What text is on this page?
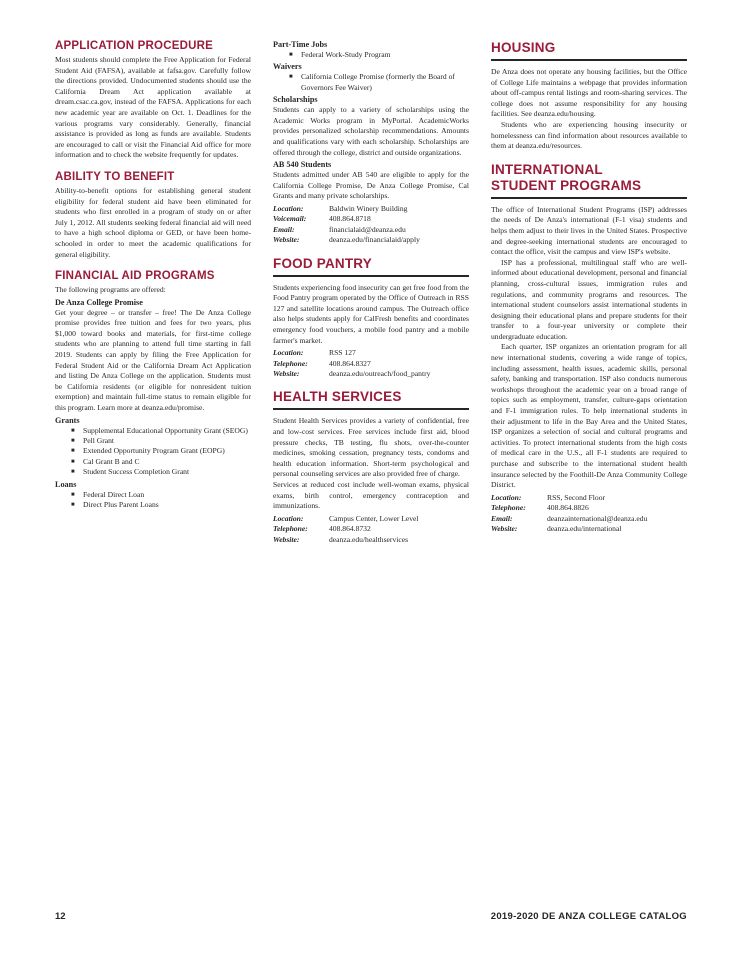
APPLICATION PROCEDURE

Most students should complete the Free Application for Federal Student Aid (FAFSA), available at fafsa.gov. Carefully follow the directions provided. Undocumented students should use the California Dream Act application available at dream.csac.ca.gov, instead of the FAFSA. Applications for each new academic year are available on Oct. 1. Deadlines for the various programs vary considerably. Generally, financial assistance is provided as long as funds are available. Students are encouraged to call or visit the Financial Aid office for more information and to check the website frequently for updates.

ABILITY TO BENEFIT

Ability-to-benefit options for establishing general student eligibility for federal student aid have been eliminated for students who first enrolled in a program of study on or after July 1, 2012. All students seeking federal financial aid will need to have a high school diploma or GED, or have been home-schooled in order to meet the academic qualifications for general eligibility.

FINANCIAL AID PROGRAMS

The following programs are offered:

De Anza College Promise

Get your degree – or transfer – free! The De Anza College promise provides free tuition and fees for two years, plus $1,000 toward books and materials, for first-time college students who are planning to attend full time starting in fall 2019. Students can apply by filing the Free Application for Federal Student Aid or the California Dream Act Application and listing De Anza College on the application. Students must be California residents (or eligible for nonresident tuition exemption) and maintain full-time status to remain eligible for this program. Learn more at deanza.edu/promise.

Grants
■ Supplemental Educational Opportunity Grant (SEOG)
■ Pell Grant
■ Extended Opportunity Program Grant (EOPG)
■ Cal Grant B and C
■ Student Success Completion Grant
Loans
■ Federal Direct Loan
■ Direct Plus Parent Loans
Part-Time Jobs
■ Federal Work-Study Program
Waivers
■ California College Promise (formerly the Board of Governors Fee Waiver)
Scholarships

Students can apply to a variety of scholarships using the Academic Works program in MyPortal. AcademicWorks provides personalized scholarship recommendations. Amounts and qualifications vary with each scholarship. Scholarships are offered through the college, district and outside organizations.

AB 540 Students

Students admitted under AB 540 are eligible to apply for the California College Promise, De Anza College Promise, Cal Grants and many private scholarships.

Location:	Baldwin Winery Building
Voicemail:	408.864.8718
Email:	financialaid@deanza.edu
Website:	deanza.edu/financialaid/apply
FOOD PANTRY

Students experiencing food insecurity can get free food from the Food Pantry program operated by the Office of Outreach in RSS 127 and satellite locations around campus. The Outreach office also helps students apply for CalFresh benefits and coordinates emergency food vouchers, a mobile food pantry and a mobile farmer's market.

Location:	RSS 127
Telephone:	408.864.8327
Website:	deanza.edu/outreach/food_pantry
HEALTH SERVICES

Student Health Services provides a variety of confidential, free and low-cost services. Free services include first aid, blood pressure checks, TB testing, flu shots, over-the-counter medicines, smoking cessation, pregnancy tests, condoms and health education information. Short-term psychological and personal counseling services are also provided free of charge.

Services at reduced cost include well-woman exams, physical exams, birth control, emergency contraception and immunizations.

Location:	Campus Center, Lower Level
Telephone:	408.864.8732
Website:	deanza.edu/healthservices
HOUSING

De Anza does not operate any housing facilities, but the Office of College Life maintains a webpage that provides information about off-campus rental listings and room-sharing services. The college does not assume responsibility for any housing facilities. See deanza.edu/housing.

Students who are experiencing housing insecurity or homelessness can find information about resources available to them at deanza.edu/resources.

INTERNATIONAL
STUDENT PROGRAMS

The office of International Student Programs (ISP) addresses the needs of De Anza's international (F-1 visa) students and helps them adjust to their lives in the United States. Prospective and degree-seeking international students are encouraged to contact the office, visit the campus and view ISP's website.

ISP has a professional, multilingual staff who are well-informed about educational development, personal and financial planning, cross-cultural issues, immigration rules and regulations, and community programs and resources. The international student counselors assist international students in designing their educational plans and prepare students for their transfer to a four-year university or complete their undergraduate education.

Each quarter, ISP organizes an orientation program for all new international students, covering a wide range of topics, including assessment, health issues, academic skills, personal safety, banking and transportation. ISP also conducts numerous workshops throughout the academic year on a broad range of topics such as employment, transfer, culture-gaps orientation and F-1 immigration rules. To help international students in their adjustment to life in the Bay Area and the United States, ISP organizes a selection of social and cultural programs and activities. To protect international students from the high costs of medical care in the U.S., all F-1 students are required to purchase and subscribe to the international student health insurance selected by the Foothill-De Anza Community College District.

Location:	RSS, Second Floor
Telephone:	408.864.8826
Email:	deanzainternational@deanza.edu
Website:	deanza.edu/international
12	2019-2020 DE ANZA COLLEGE CATALOG
